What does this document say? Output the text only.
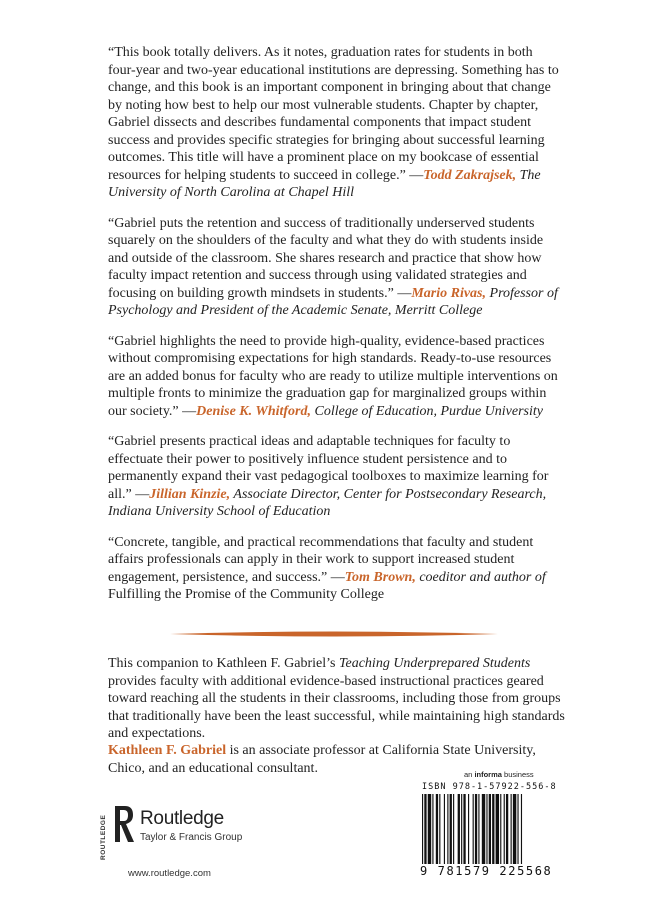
“This book totally delivers. As it notes, graduation rates for students in both four-year and two-year educational institutions are depressing. Something has to change, and this book is an important component in bringing about that change by noting how best to help our most vulnerable students. Chapter by chapter, Gabriel dissects and describes fundamental components that impact student success and provides specific strategies for bringing about successful learning outcomes. This title will have a prominent place on my bookcase of essential resources for helping students to succeed in college.” —Todd Zakrajsek, The University of North Carolina at Chapel Hill

“Gabriel puts the retention and success of traditionally underserved students squarely on the shoulders of the faculty and what they do with students inside and outside of the classroom. She shares research and practice that show how faculty impact retention and success through using validated strategies and focusing on building growth mindsets in students.” —Mario Rivas, Professor of Psychology and President of the Academic Senate, Merritt College

“Gabriel highlights the need to provide high-quality, evidence-based practices without compromising expectations for high standards. Ready-to-use resources are an added bonus for faculty who are ready to utilize multiple interventions on multiple fronts to minimize the graduation gap for marginalized groups within our society.” —Denise K. Whitford, College of Education, Purdue University

“Gabriel presents practical ideas and adaptable techniques for faculty to effectuate their power to positively influence student persistence and to permanently expand their vast pedagogical toolboxes to maximize learning for all.” —Jillian Kinzie, Associate Director, Center for Postsecondary Research, Indiana University School of Education

“Concrete, tangible, and practical recommendations that faculty and student affairs professionals can apply in their work to support increased student engagement, persistence, and success.” —Tom Brown, coeditor and author of Fulfilling the Promise of the Community College

This companion to Kathleen F. Gabriel’s Teaching Underprepared Students provides faculty with additional evidence-based instructional practices geared toward reaching all the students in their classrooms, including those from groups that traditionally have been the least successful, while maintaining high standards and expectations.

Kathleen F. Gabriel is an associate professor at California State University, Chico, and an educational consultant.

ROUTLEDGE Routledge
Taylor & Francis Group
www.routledge.com
an informa business
ISBN 978-1-57922-556-8
9 781579 225568
